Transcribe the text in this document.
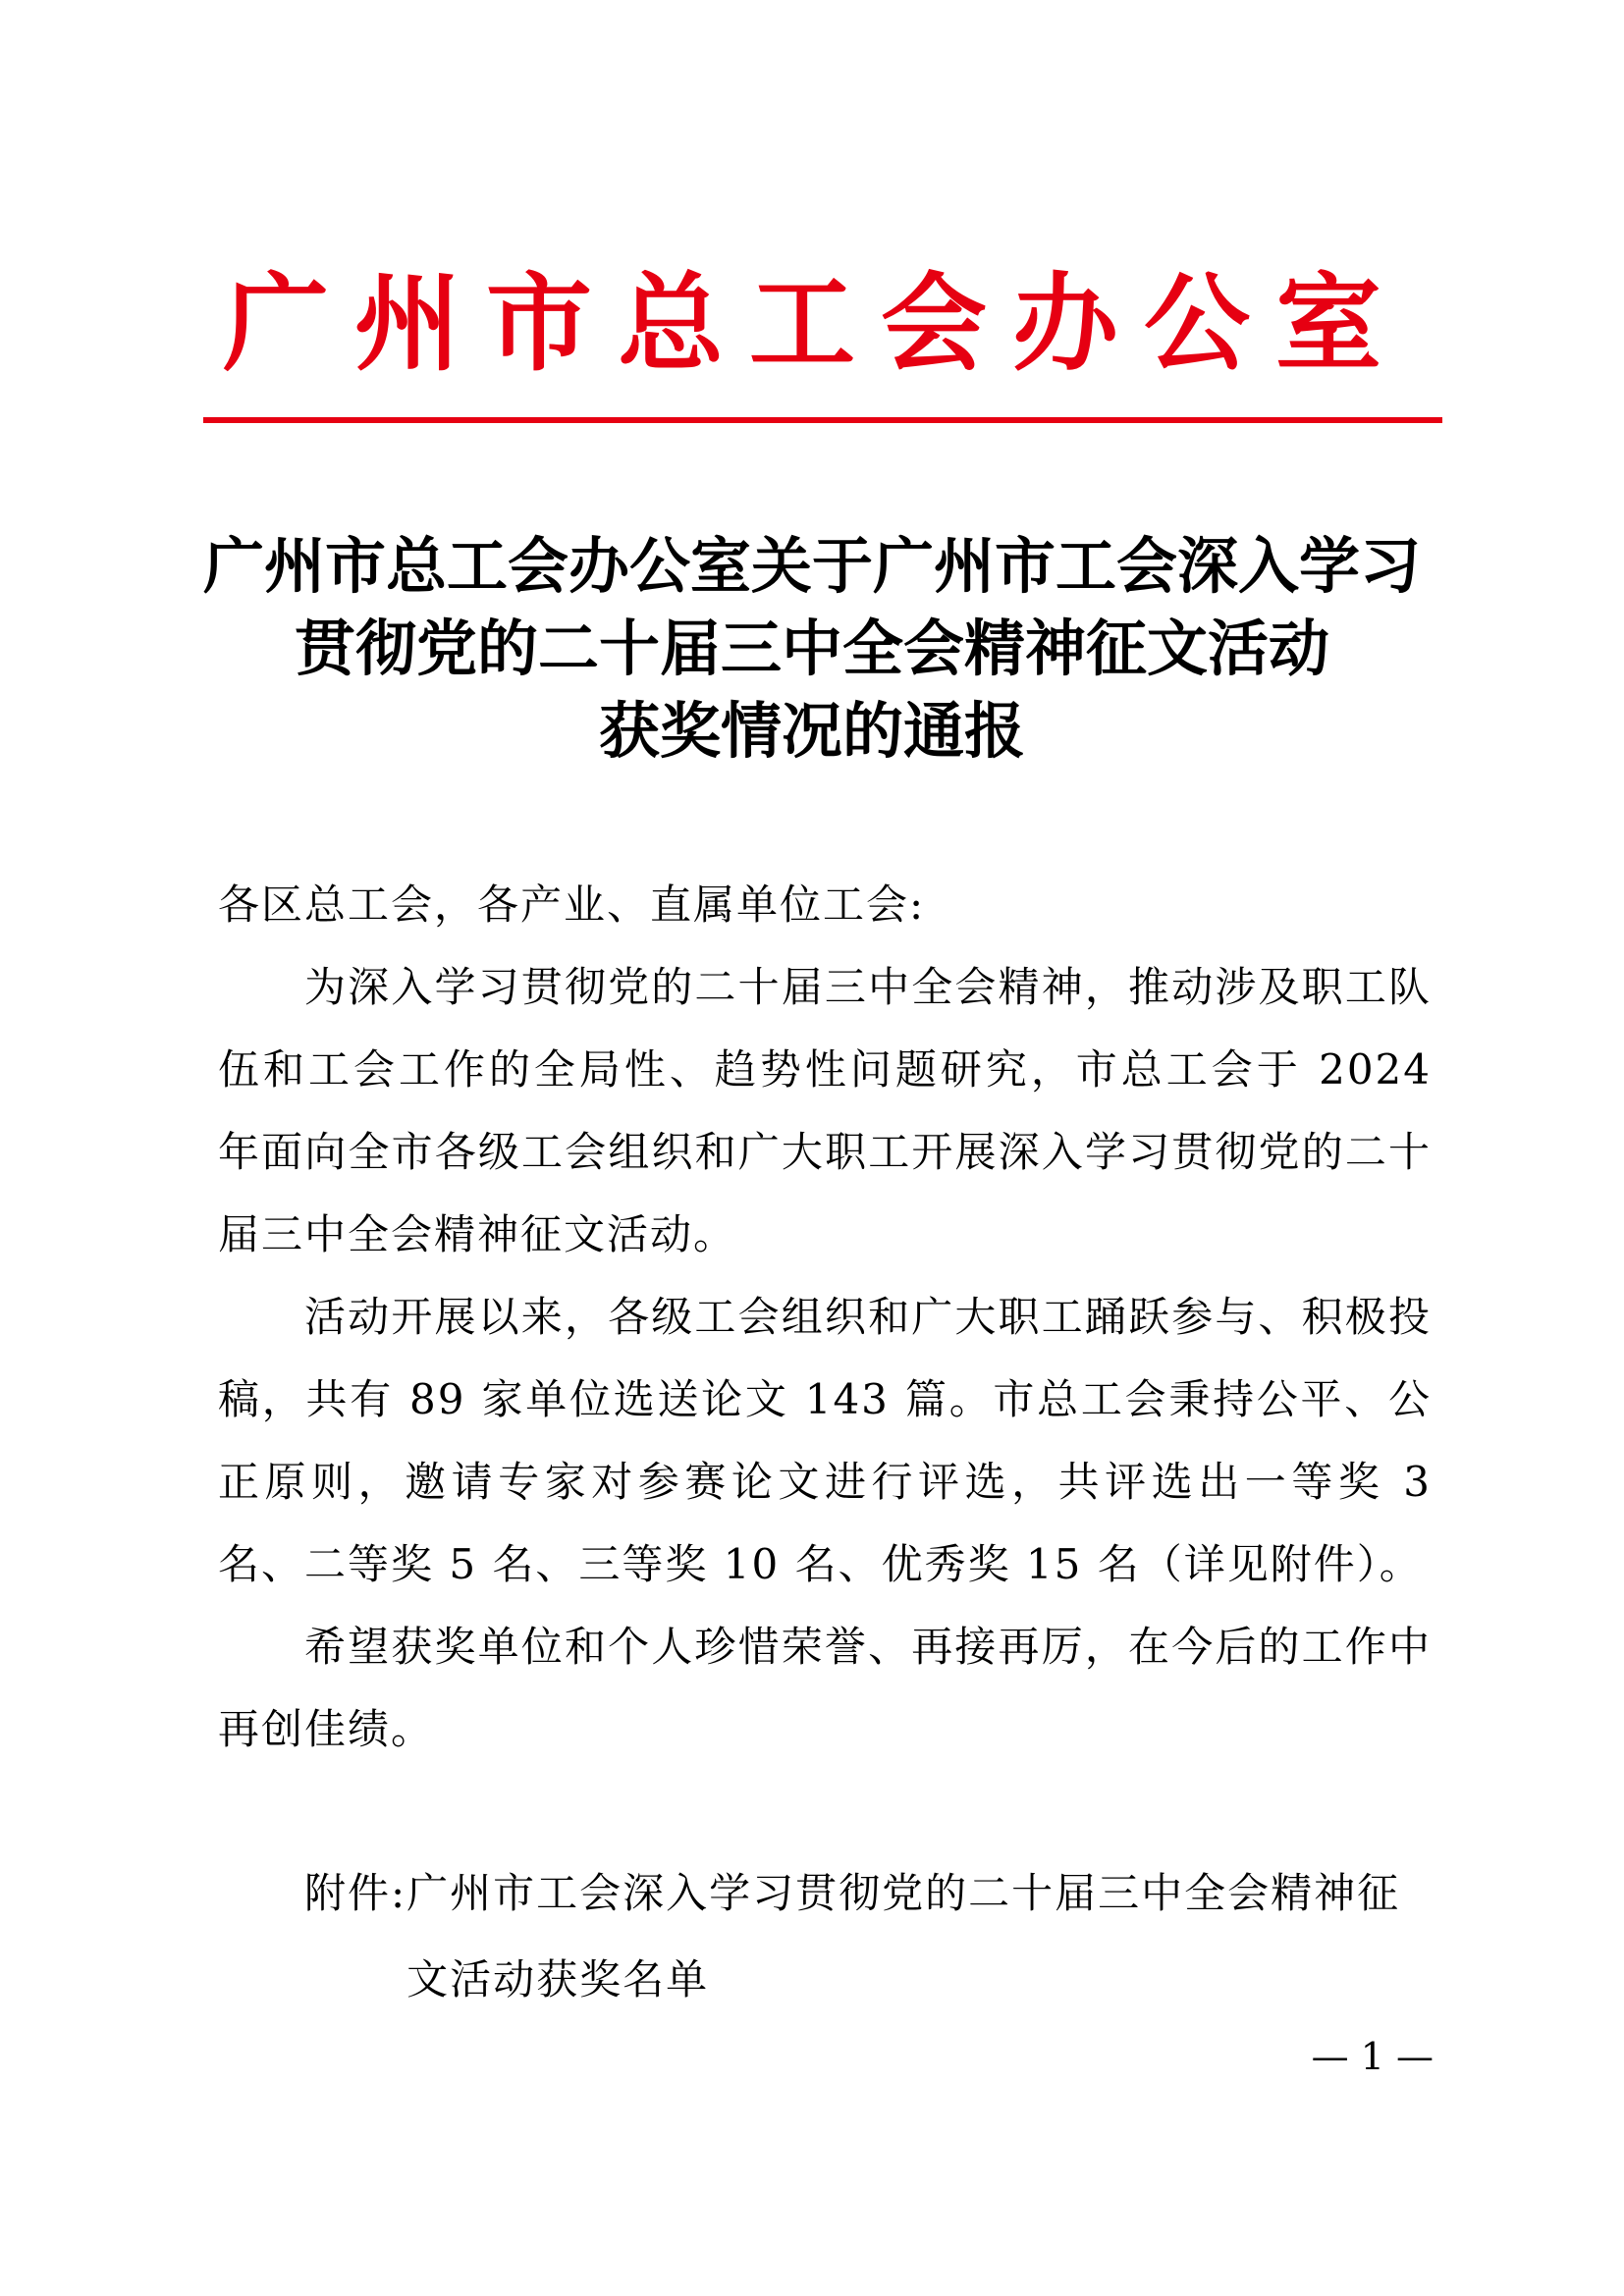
广州市总工会办公室
广州市总工会办公室关于广州市工会深入学习
贯彻党的二十届三中全会精神征文活动
获奖情况的通报

各区总工会，各产业、直属单位工会:

为深入学习贯彻党的二十届三中全会精神，推动涉及职工队伍和工会工作的全局性、趋势性问题研究，市总工会于 2024 年面向全市各级工会组织和广大职工开展深入学习贯彻党的二十届三中全会精神征文活动。

活动开展以来，各级工会组织和广大职工踊跃参与、积极投稿，共有 89 家单位选送论文 143 篇。市总工会秉持公平、公正原则，邀请专家对参赛论文进行评选，共评选出一等奖 3 名、二等奖 5 名、三等奖 10 名、优秀奖 15 名（详见附件）。

希望获奖单位和个人珍惜荣誉、再接再厉，在今后的工作中再创佳绩。

附件: 广州市工会深入学习贯彻党的二十届三中全会精神征文活动获奖名单
— 1 —
